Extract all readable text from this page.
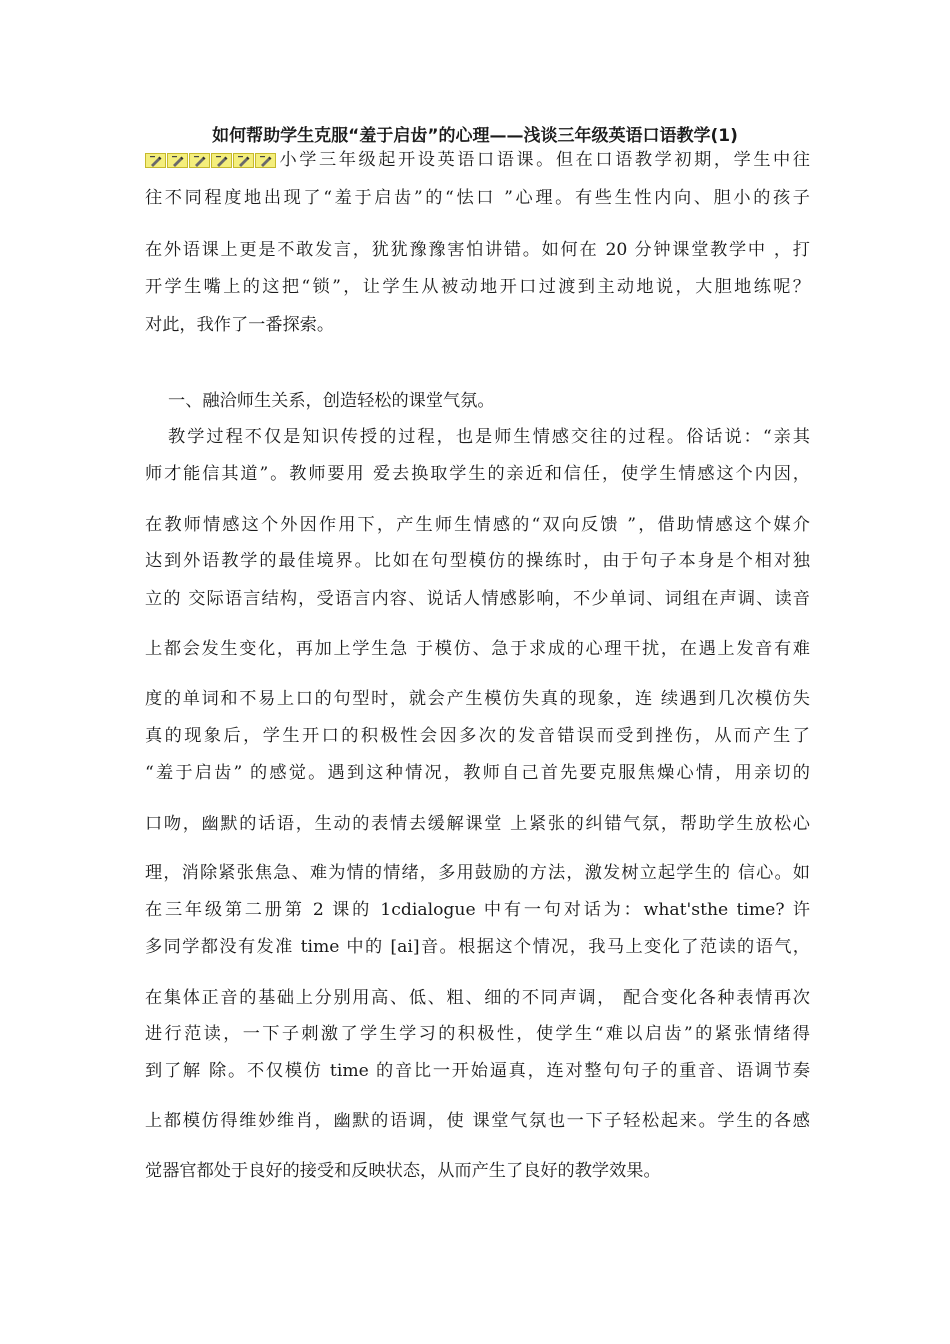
如何帮助学生克服“羞于启齿”的心理——浅谈三年级英语口语教学(1)
小学三年级起开设英语口语课。但在口语教学初期，学生中往
往不同程度地出现了“羞于启齿”的“怯口 ”心理。有些生性内向、胆小的孩子
在外语课上更是不敢发言，犹犹豫豫害怕讲错。如何在 20 分钟课堂教学中 ，打
开学生嘴上的这把“锁”，让学生从被动地开口过渡到主动地说，大胆地练呢？
对此，我作了一番探索。
一、融洽师生关系，创造轻松的课堂气氛。
教学过程不仅是知识传授的过程，也是师生情感交往的过程。俗话说：“亲其
师才能信其道”。教师要用 爱去换取学生的亲近和信任，使学生情感这个内因，
在教师情感这个外因作用下，产生师生情感的“双向反馈 ”，借助情感这个媒介
达到外语教学的最佳境界。比如在句型模仿的操练时，由于句子本身是个相对独
立的 交际语言结构，受语言内容、说话人情感影响，不少单词、词组在声调、读音
上都会发生变化，再加上学生急 于模仿、急于求成的心理干扰，在遇上发音有难
度的单词和不易上口的句型时，就会产生模仿失真的现象，连 续遇到几次模仿失
真的现象后，学生开口的积极性会因多次的发音错误而受到挫伤，从而产生了
“羞于启齿” 的感觉。遇到这种情况，教师自己首先要克服焦燥心情，用亲切的
口吻，幽默的话语，生动的表情去缓解课堂 上紧张的纠错气氛，帮助学生放松心
理，消除紧张焦急、难为情的情绪，多用鼓励的方法，激发树立起学生的 信心。如
在三年级第二册第 2 课的 1cdialogue 中有一句对话为：what'sthe time? 许
多同学都没有发准 time 中的 [ai]音。根据这个情况，我马上变化了范读的语气，
在集体正音的基础上分别用高、低、粗、细的不同声调， 配合变化各种表情再次
进行范读，一下子刺激了学生学习的积极性，使学生“难以启齿”的紧张情绪得
到了解 除。不仅模仿 time 的音比一开始逼真，连对整句句子的重音、语调节奏
上都模仿得维妙维肖，幽默的语调，使 课堂气氛也一下子轻松起来。学生的各感
觉器官都处于良好的接受和反映状态，从而产生了良好的教学效果。
